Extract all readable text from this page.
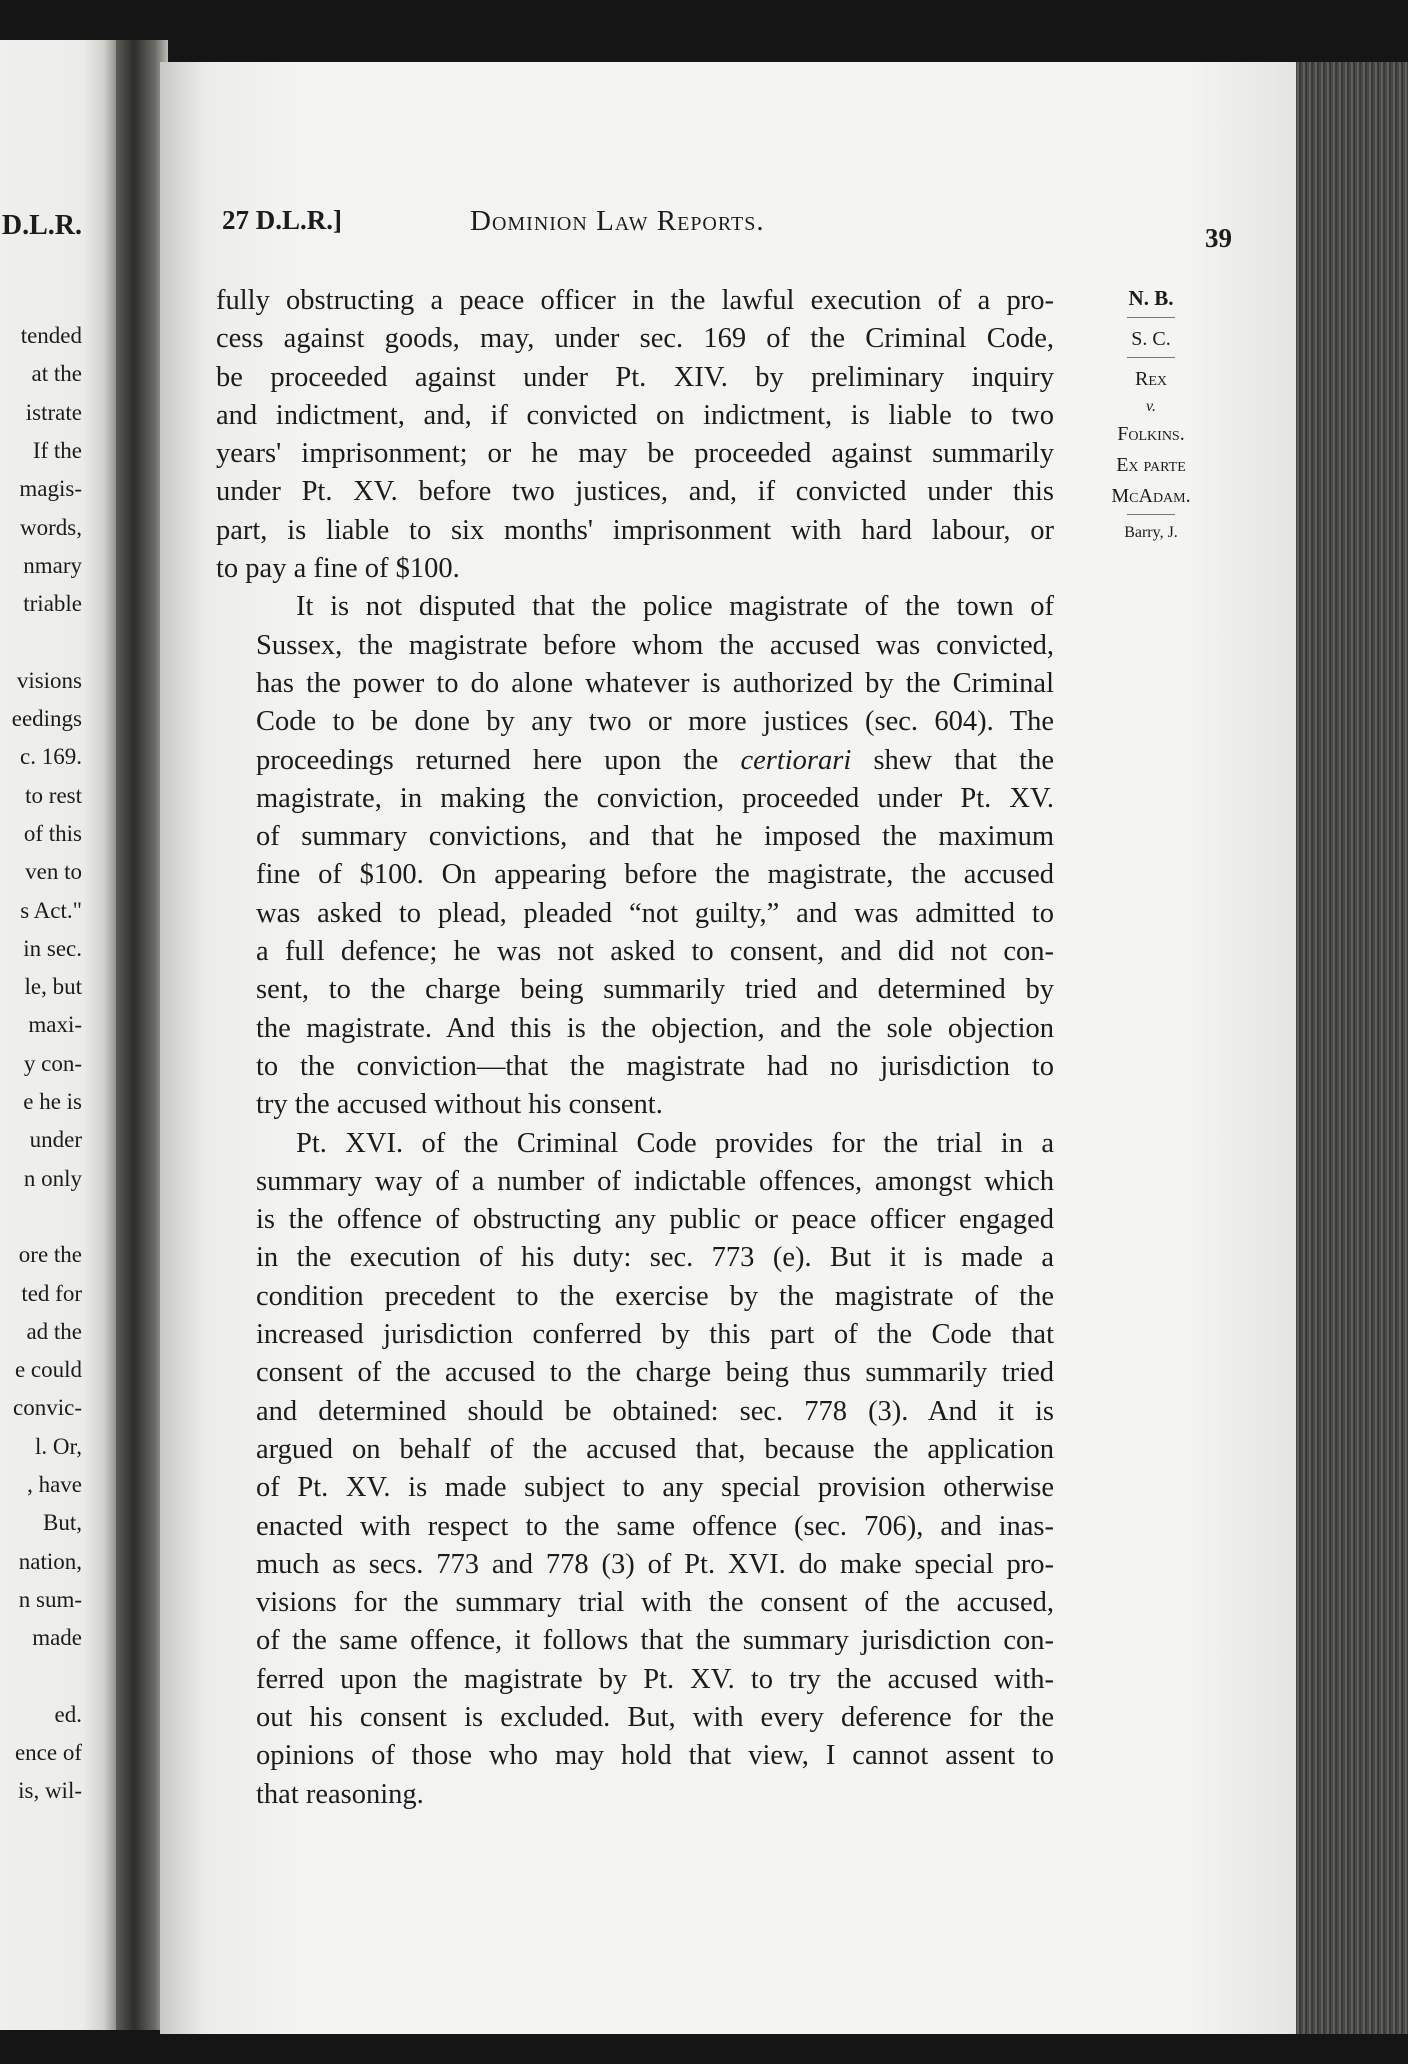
D.L.R.
tended
at the
istrate
If the
magis-
words,
nmary
triable
visions
eedings
c. 169.
to rest
of this
ven to
s Act."
in sec.
le, but
maxi-
y con-
e he is
under
n only
ore the
ted for
ad the
e could
convic-
l. Or,
, have
But,
nation,
n sum-
made
ed.
ence of
is, wil-
27 D.L.R.]	Dominion Law Reports.
39
N. B.
S. C.
Rex
v.
Folkins.
Ex parte
McAdam.
Barry, J.
fully obstructing a peace officer in the lawful execution of a pro-
cess against goods, may, under sec. 169 of the Criminal Code,
be proceeded against under Pt. XIV. by preliminary inquiry
and indictment, and, if convicted on indictment, is liable to two
years' imprisonment; or he may be proceeded against summarily
under Pt. XV. before two justices, and, if convicted under this
part, is liable to six months' imprisonment with hard labour, or
to pay a fine of $100.
It is not disputed that the police magistrate of the town of
Sussex, the magistrate before whom the accused was convicted,
has the power to do alone whatever is authorized by the Criminal
Code to be done by any two or more justices (sec. 604). The
proceedings returned here upon the certiorari shew that the
magistrate, in making the conviction, proceeded under Pt. XV.
of summary convictions, and that he imposed the maximum
fine of $100. On appearing before the magistrate, the accused
was asked to plead, pleaded “not guilty,” and was admitted to
a full defence; he was not asked to consent, and did not con-
sent, to the charge being summarily tried and determined by
the magistrate. And this is the objection, and the sole objection
to the conviction—that the magistrate had no jurisdiction to
try the accused without his consent.
Pt. XVI. of the Criminal Code provides for the trial in a
summary way of a number of indictable offences, amongst which
is the offence of obstructing any public or peace officer engaged
in the execution of his duty: sec. 773 (e). But it is made a
condition precedent to the exercise by the magistrate of the
increased jurisdiction conferred by this part of the Code that
consent of the accused to the charge being thus summarily tried
and determined should be obtained: sec. 778 (3). And it is
argued on behalf of the accused that, because the application
of Pt. XV. is made subject to any special provision otherwise
enacted with respect to the same offence (sec. 706), and inas-
much as secs. 773 and 778 (3) of Pt. XVI. do make special pro-
visions for the summary trial with the consent of the accused,
of the same offence, it follows that the summary jurisdiction con-
ferred upon the magistrate by Pt. XV. to try the accused with-
out his consent is excluded. But, with every deference for the
opinions of those who may hold that view, I cannot assent to
that reasoning.
